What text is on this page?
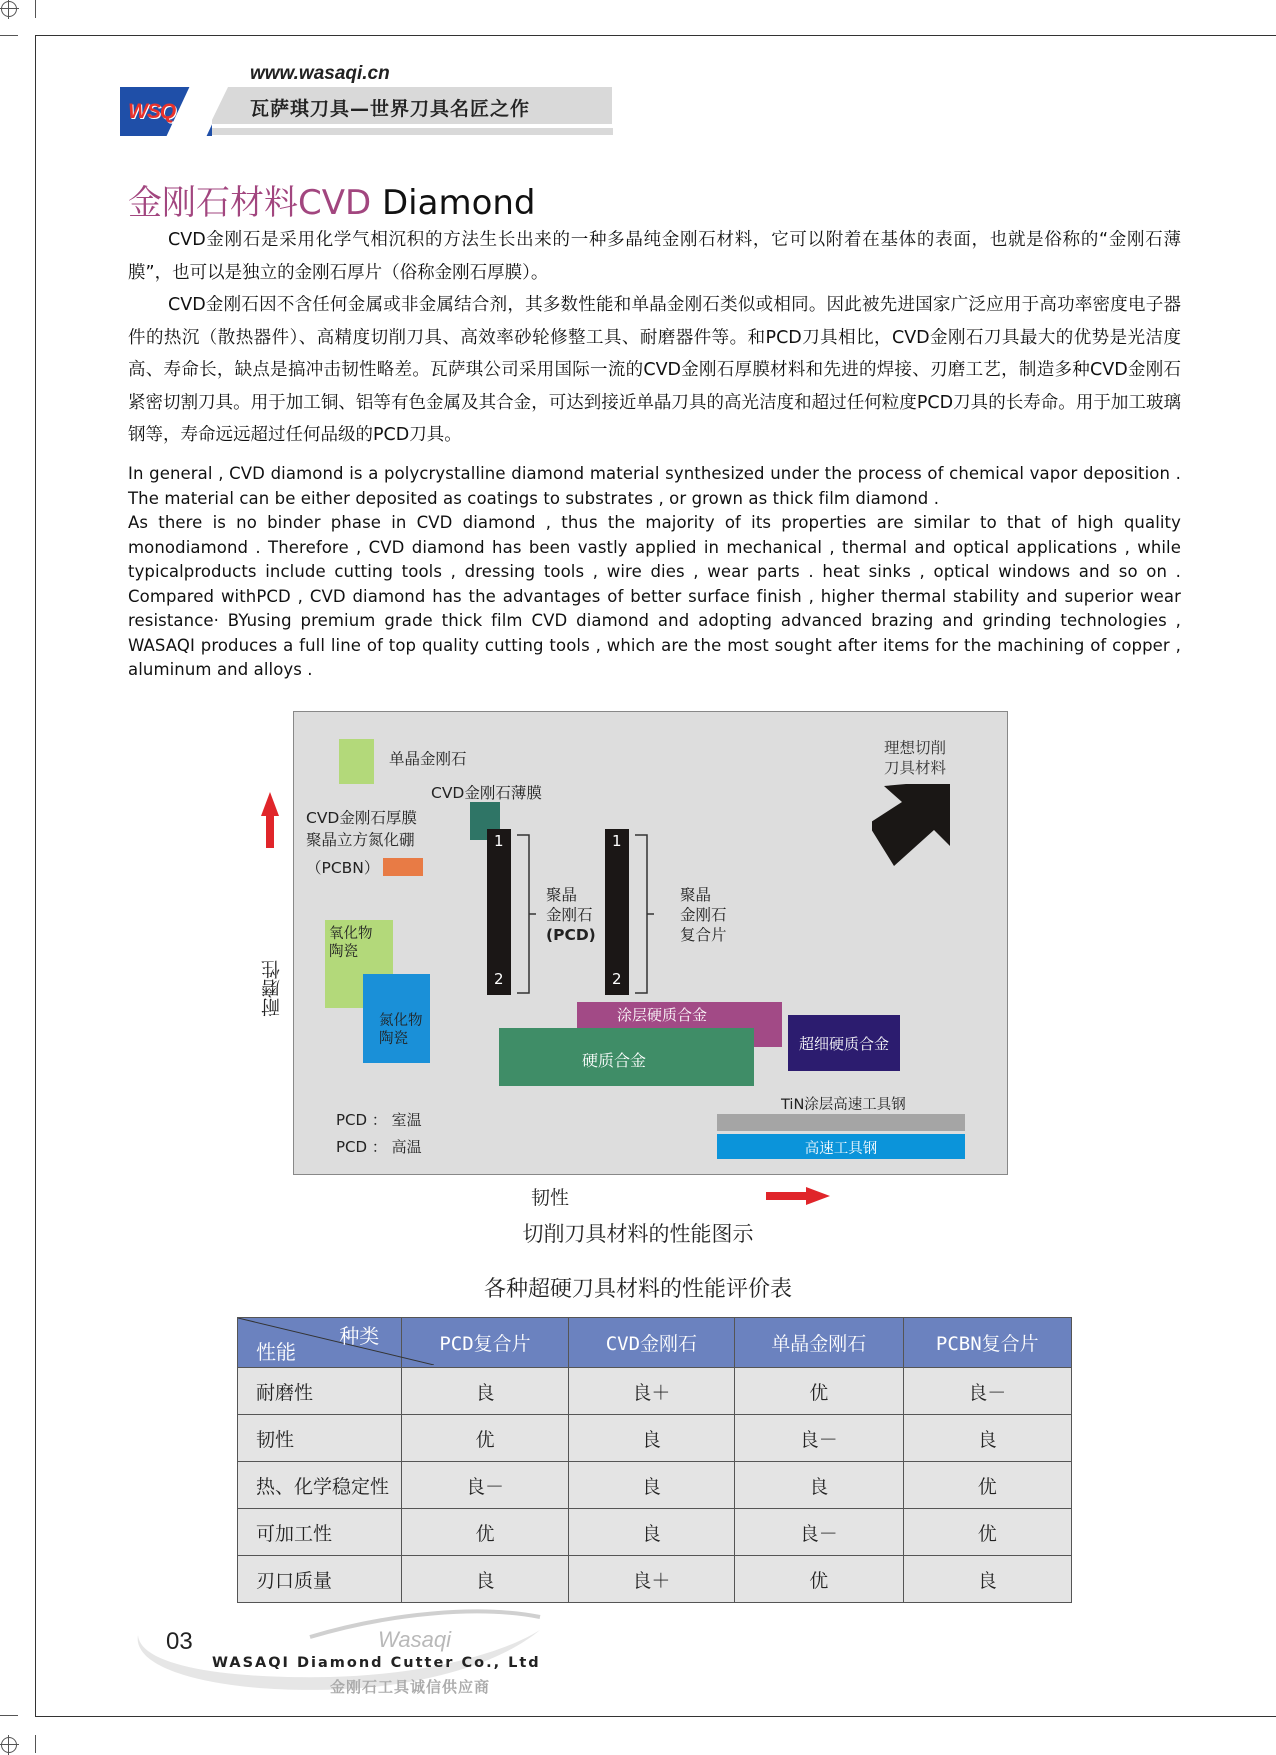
www.wasaqi.cn
WSQ
®
瓦萨琪刀具—世界刀具名匠之作
金刚石材料CVD Diamond

CVD金刚石是采用化学气相沉积的方法生长出来的一种多晶纯金刚石材料，它可以附着在基体的表面，也就是俗称的“金刚石薄膜”，也可以是独立的金刚石厚片（俗称金刚石厚膜）。

CVD金刚石因不含任何金属或非金属结合剂，其多数性能和单晶金刚石类似或相同。因此被先进国家广泛应用于高功率密度电子器件的热沉（散热器件）、高精度切削刀具、高效率砂轮修整工具、耐磨器件等。和PCD刀具相比，CVD金刚石刀具最大的优势是光洁度高、寿命长，缺点是搞冲击韧性略差。瓦萨琪公司采用国际一流的CVD金刚石厚膜材料和先进的焊接、刃磨工艺，制造多种CVD金刚石紧密切割刀具。用于加工铜、铝等有色金属及其合金，可达到接近单晶刀具的高光洁度和超过任何粒度PCD刀具的长寿命。用于加工玻璃钢等，寿命远远超过任何品级的PCD刀具。

In general , CVD diamond is a polycrystalline diamond material synthesized under the process of chemical vapor deposition . The material can be either deposited as coatings to substrates , or grown as thick film diamond .

As there is no binder phase in CVD diamond , thus the majority of its properties are similar to that of high quality monodiamond . Therefore , CVD diamond has been vastly applied in mechanical , thermal and optical applications , while typicalproducts include cutting tools , dressing tools , wire dies , wear parts . heat sinks , optical windows and so on . Compared withPCD , CVD diamond has the advantages of better surface finish , higher thermal stability and superior wear resistance· BYusing premium grade thick film CVD diamond and adopting advanced brazing and grinding technologies , WASAQI produces a full line of top quality cutting tools , which are the most sought after items for the machining of copper , aluminum and alloys .

耐磨性
单晶金刚石
CVD金刚石薄膜
CVD金刚石厚膜
聚晶立方氮化硼
（PCBN）
理想切削
刀具材料
1
2
聚晶
金刚石
(PCD)
1
2
聚晶
金刚石
复合片
氧化物
陶瓷
氮化物
陶瓷
涂层硬质合金
硬质合金
超细硬质合金
TiN涂层高速工具钢
高速工具钢
PCD ： 室温
PCD ： 高温
韧性
切削刀具材料的性能图示
各种超硬刀具材料的性能评价表
种类
性能	PCD复合片	CVD金刚石	单晶金刚石	PCBN复合片
耐磨性	良	良＋	优	良－
韧性	优	良	良－	良
热、化学稳定性	良－	良	良	优
可加工性	优	良	良－	优
刃口质量	良	良＋	优	良
03	Wasaqi
WASAQI Diamond Cutter Co., Ltd
金刚石工具诚信供应商
